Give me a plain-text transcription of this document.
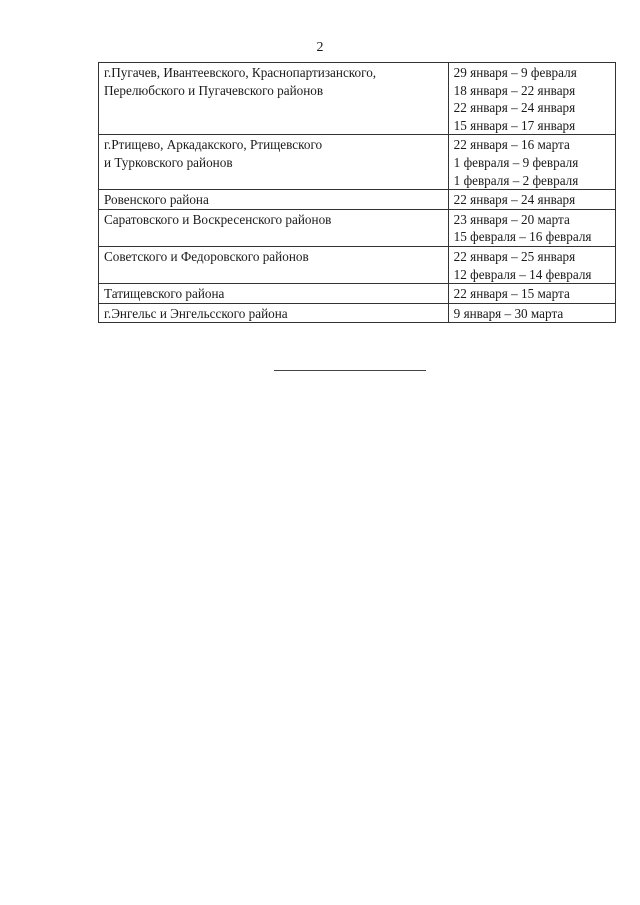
2
г.Пугачев, Ивантеевского, Краснопартизанского,
Перелюбского и Пугачевского районов	29 января – 9 февраля
18 января – 22 января
22 января – 24 января
15 января – 17 января

г.Ртищево, Аркадакского, Ртищевского
и Турковского районов	22 января – 16 марта
1 февраля – 9 февраля
1 февраля – 2 февраля

Ровенского района	22 января – 24 января

Саратовского и Воскресенского районов	23 января – 20 марта
15 февраля – 16 февраля

Советского и Федоровского районов	22 января – 25 января
12 февраля – 14 февраля

Татищевского района	22 января – 15 марта

г.Энгельс и Энгельсского района	9 января – 30 марта
